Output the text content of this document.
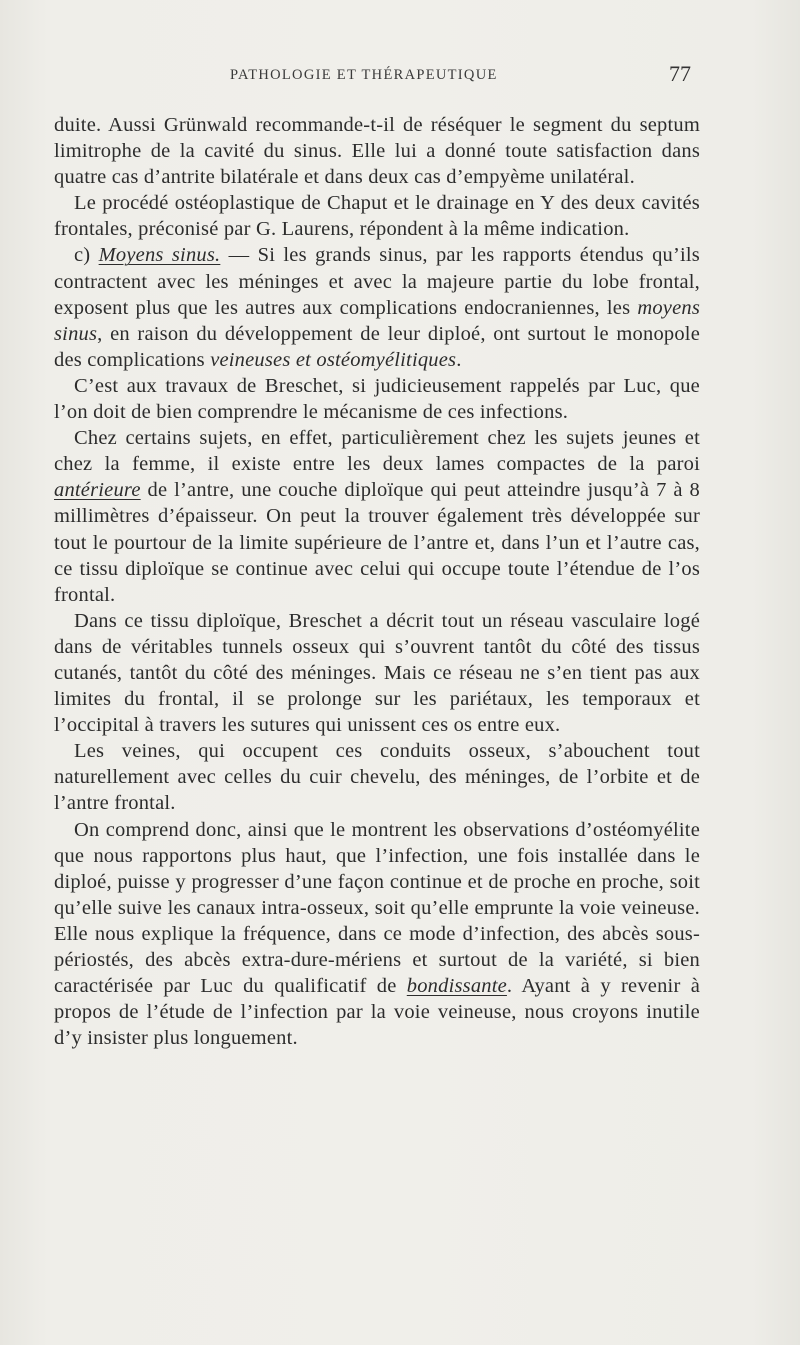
PATHOLOGIE ET THÉRAPEUTIQUE	77

duite. Aussi Grünwald recommande-t-il de réséquer le segment du septum limitrophe de la cavité du sinus. Elle lui a donné toute satisfaction dans quatre cas d’antrite bilatérale et dans deux cas d’empyème unilatéral.

Le procédé ostéoplastique de Chaput et le drainage en Y des deux cavités frontales, préconisé par G. Laurens, répondent à la même indication.

c) Moyens sinus. — Si les grands sinus, par les rapports étendus qu’ils contractent avec les méninges et avec la majeure partie du lobe frontal, exposent plus que les autres aux complications endocraniennes, les moyens sinus, en raison du développement de leur diploé, ont surtout le monopole des complications veineuses et ostéomyélitiques.

C’est aux travaux de Breschet, si judicieusement rappelés par Luc, que l’on doit de bien comprendre le mécanisme de ces infections.

Chez certains sujets, en effet, particulièrement chez les sujets jeunes et chez la femme, il existe entre les deux lames compactes de la paroi antérieure de l’antre, une couche diploïque qui peut atteindre jusqu’à 7 à 8 millimètres d’épaisseur. On peut la trouver également très développée sur tout le pourtour de la limite supérieure de l’antre et, dans l’un et l’autre cas, ce tissu diploïque se continue avec celui qui occupe toute l’étendue de l’os frontal.

Dans ce tissu diploïque, Breschet a décrit tout un réseau vasculaire logé dans de véritables tunnels osseux qui s’ouvrent tantôt du côté des tissus cutanés, tantôt du côté des méninges. Mais ce réseau ne s’en tient pas aux limites du frontal, il se prolonge sur les pariétaux, les temporaux et l’occipital à travers les sutures qui unissent ces os entre eux.

Les veines, qui occupent ces conduits osseux, s’abouchent tout naturellement avec celles du cuir chevelu, des méninges, de l’orbite et de l’antre frontal.

On comprend donc, ainsi que le montrent les observations d’ostéomyélite que nous rapportons plus haut, que l’infection, une fois installée dans le diploé, puisse y progresser d’une façon continue et de proche en proche, soit qu’elle suive les canaux intra-osseux, soit qu’elle emprunte la voie veineuse. Elle nous explique la fréquence, dans ce mode d’infection, des abcès sous-périostés, des abcès extra-dure-mériens et surtout de la variété, si bien caractérisée par Luc du qualificatif de bondissante. Ayant à y revenir à propos de l’étude de l’infection par la voie veineuse, nous croyons inutile d’y insister plus longuement.
